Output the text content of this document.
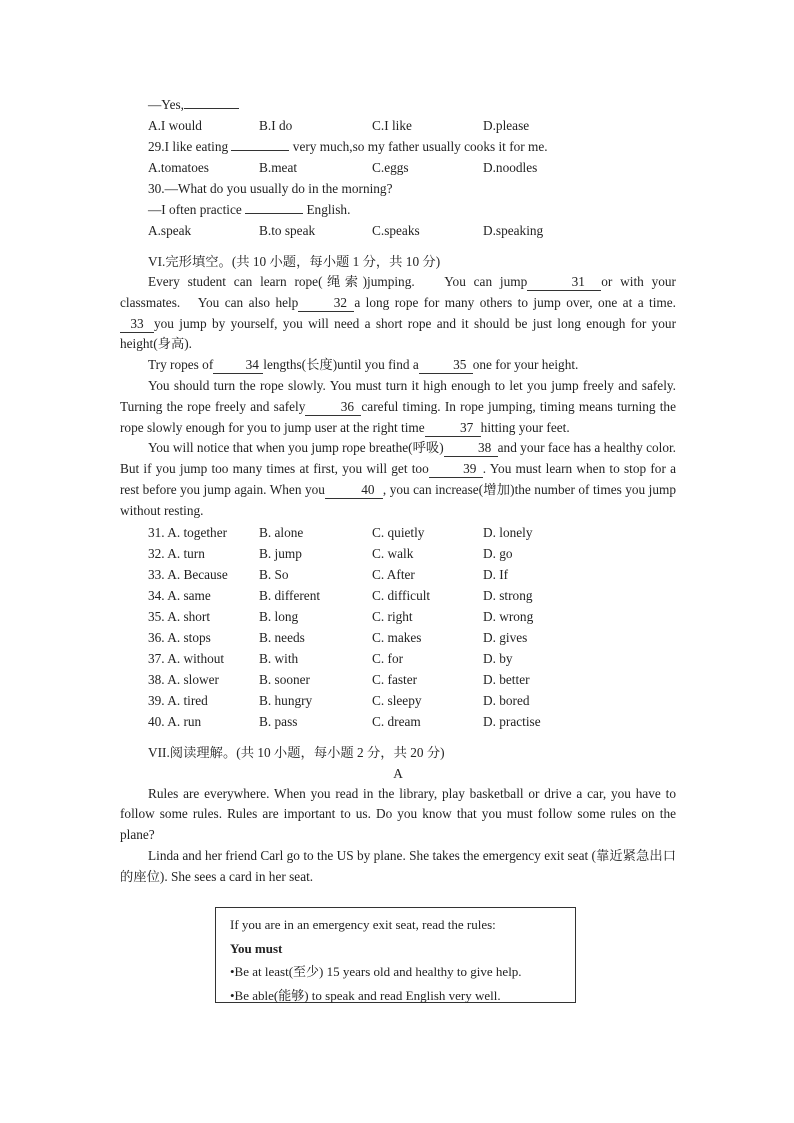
—Yes,
A.I would	B.I do	C.I like	D.please
29.I like eating	very much,so my father usually cooks it for me.
A.tomatoes	B.meat	C.eggs	D.noodles
30.—What do you usually do in the morning?
—I often practice	English.
A.speak	B.to speak	C.speaks	D.speaking
VI.完形填空。(共 10 小题，每小题 1 分，共 10 分)
Every student can learn rope(绳索)jumping.　 You can jump	31 or with your classmates.　You can also help	32 a long rope for many others to jump over, one at a time. 33 you jump by yourself, you will need a short rope and it should be just long enough for your height(身高).
Try ropes of 34 lengths(长度)until you find a	35 one for your height.
You should turn the rope slowly. You must turn it high enough to let you jump freely and safely. Turning the rope freely and safely	36 careful timing. In rope jumping, timing means turning the rope slowly enough for you to jump user at the right time	37 hitting your feet.
You will notice that when you jump rope breathe(呼吸)	38 and your face has a healthy color. But if you jump too many times at first, you will get too	39 . You must learn when to stop for a rest before you jump again. When you	40 , you can increase(增加)the number of times you jump without resting.
31. A. together	B. alone	C. quietly	D. lonely
32. A. turn	B. jump	C. walk	D. go
33. A. Because	B. So	C. After	D. If
34. A. same	B. different	C. difficult	D. strong
35. A. short	B. long	C. right	D. wrong
36. A. stops	B. needs	C. makes	D. gives
37. A. without	B. with	C. for	D. by
38. A. slower	B. sooner	C. faster	D. better
39. A. tired	B. hungry	C. sleepy	D. bored
40. A. run	B. pass	C. dream	D. practise
VII.阅读理解。(共 10 小题，每小题 2 分，共 20 分)
A
Rules are everywhere. When you read in the library, play basketball or drive a car, you have to follow some rules. Rules are important to us. Do you know that you must follow some rules on the plane?
Linda and her friend Carl go to the US by plane. She takes the emergency exit seat (靠近紧急出口的座位). She sees a card in her seat.
If you are in an emergency exit seat, read the rules:
You must
•Be at least(至少) 15 years old and healthy to give help.
•Be able(能够) to speak and read English very well.
